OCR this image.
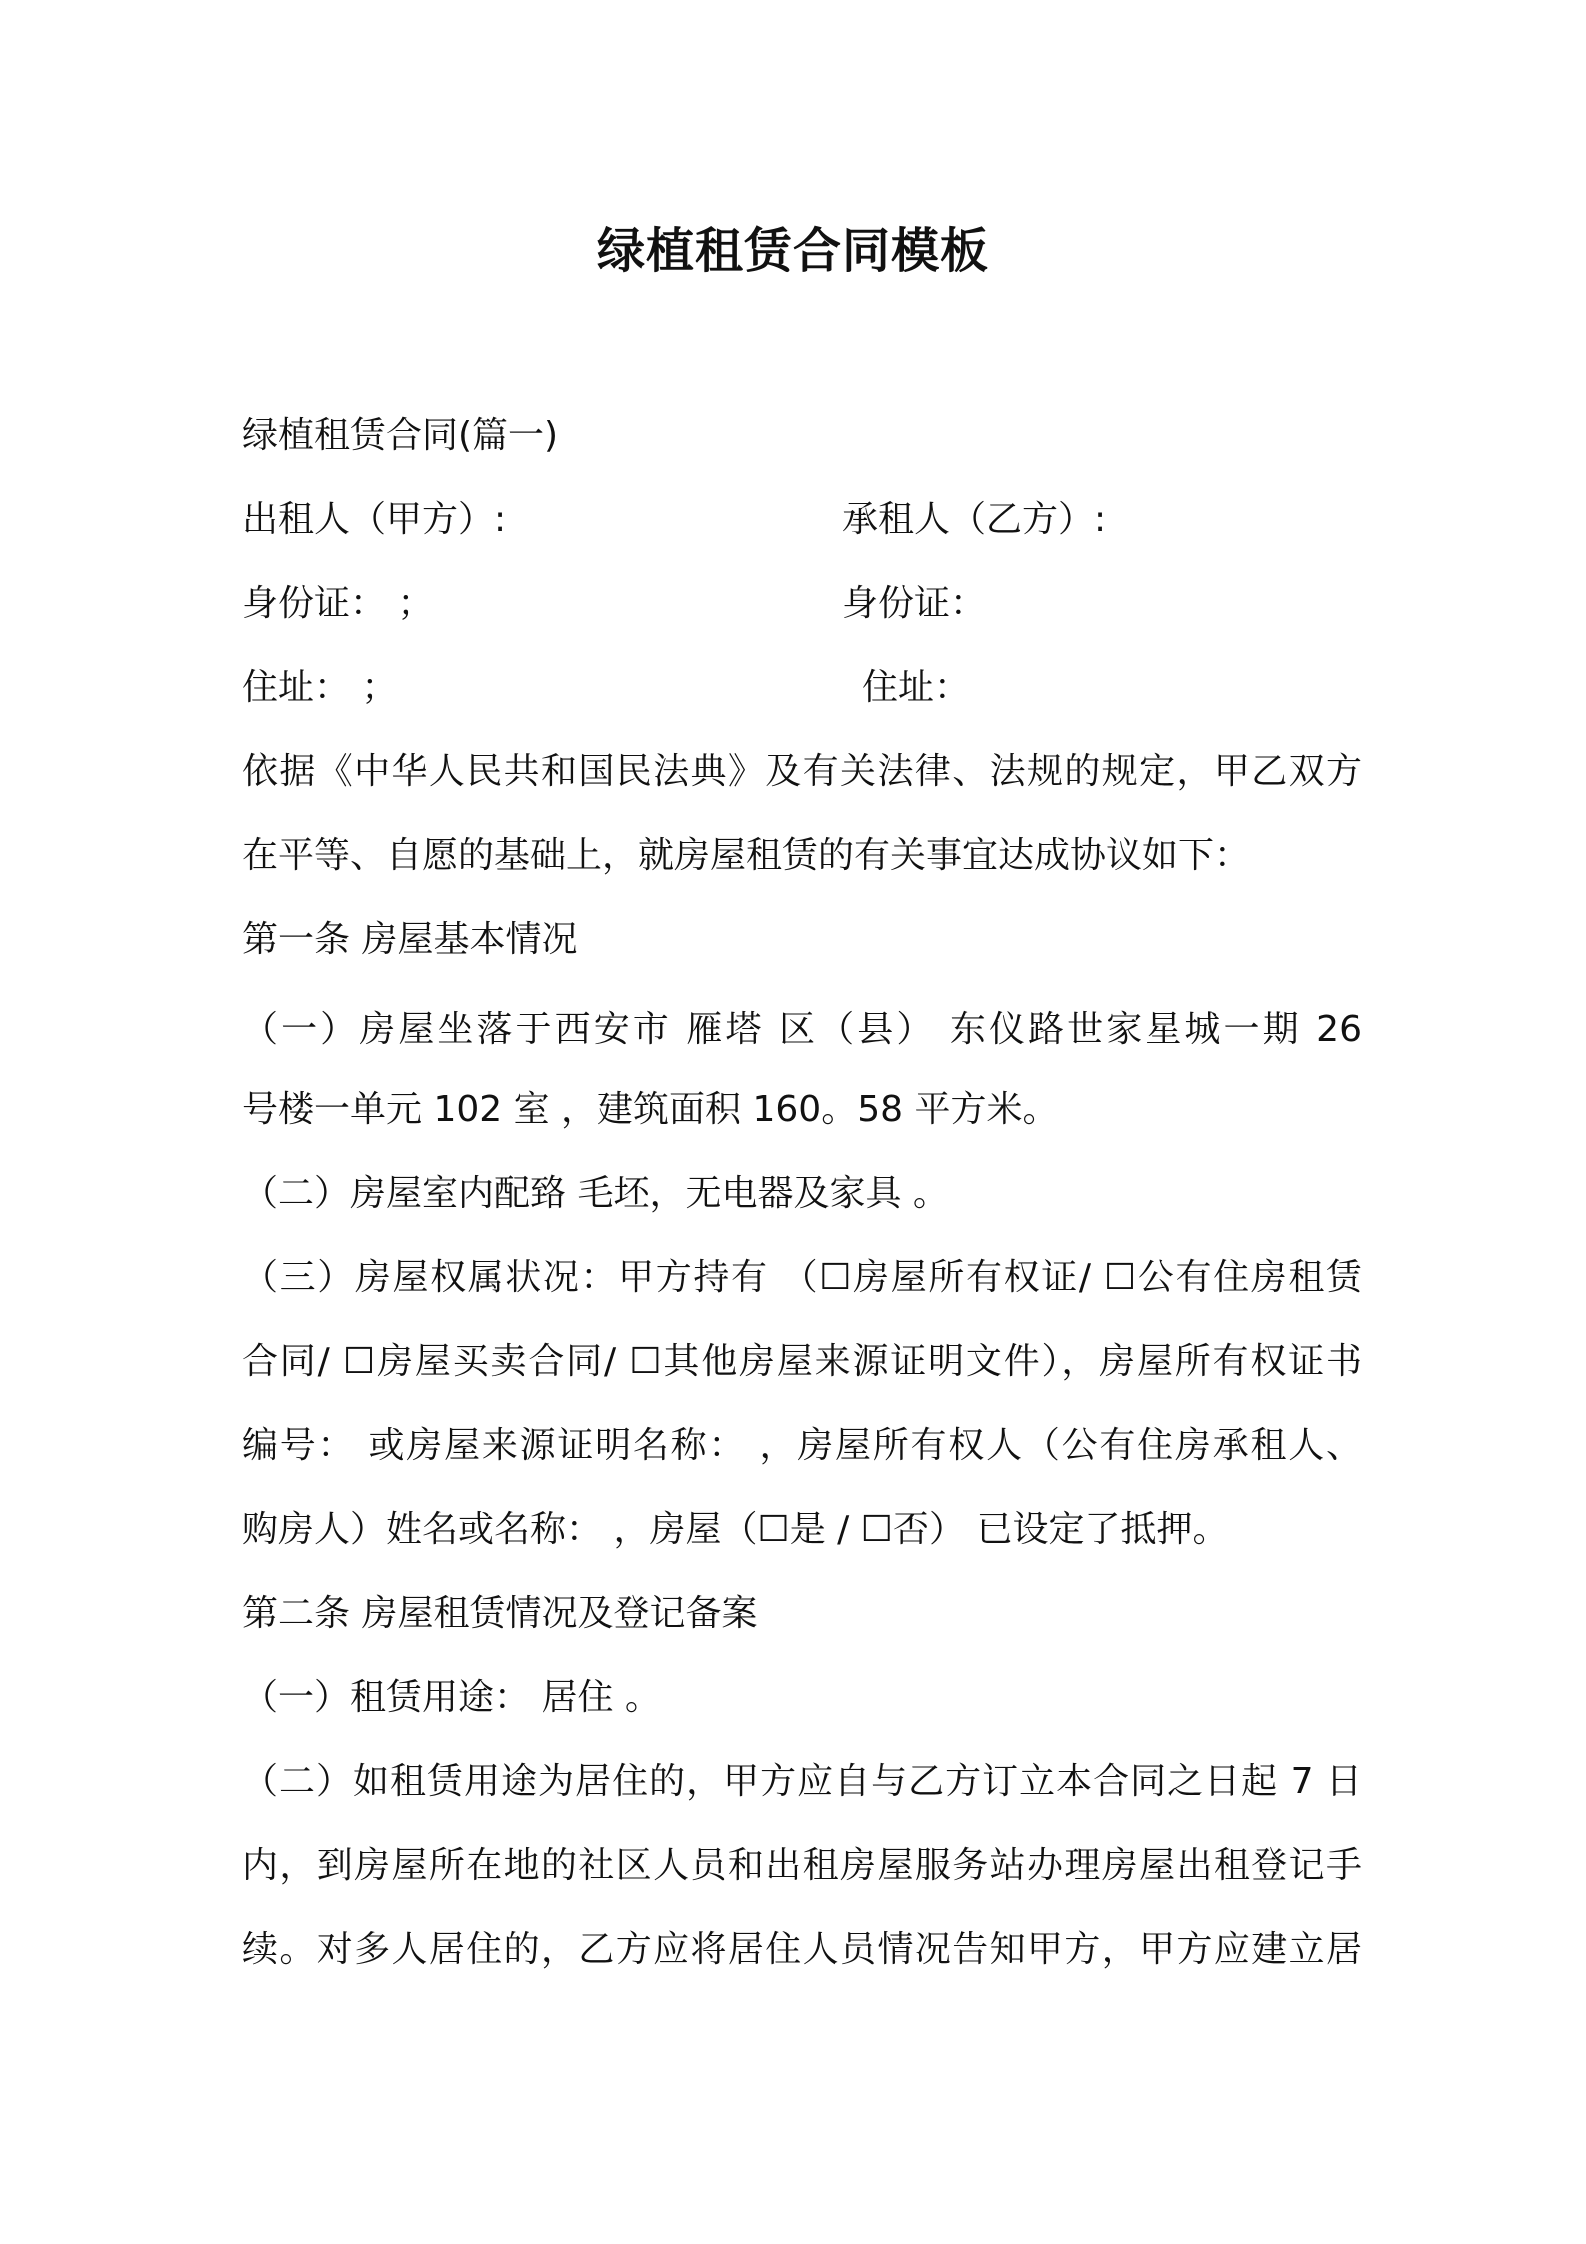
绿植租赁合同模板
绿植租赁合同(篇一)
出租人（甲方）:	承租人（乙方）:
身份证： ；	身份证：
住址： ；	住址：
依据《中华人民共和国民法典》及有关法律、法规的规定，甲乙双方
在平等、自愿的基础上，就房屋租赁的有关事宜达成协议如下：
第一条 房屋基本情况
（一）房屋坐落于西安市 雁塔 区（县） 东仪路世家星城一期 26
号楼一单元 102 室 ，建筑面积 160。58 平方米。
（二）房屋室内配臵 毛坯，无电器及家具 。
（三）房屋权属状况：甲方持有 （☐房屋所有权证/ ☐公有住房租赁
合同/ ☐房屋买卖合同/ ☐其他房屋来源证明文件），房屋所有权证书
编号： 或房屋来源证明名称： ，房屋所有权人（公有住房承租人、
购房人）姓名或名称： ，房屋（☐是 / ☐否） 已设定了抵押。
第二条 房屋租赁情况及登记备案
（一）租赁用途： 居住 。
（二）如租赁用途为居住的，甲方应自与乙方订立本合同之日起 7 日
内，到房屋所在地的社区人员和出租房屋服务站办理房屋出租登记手
续。对多人居住的，乙方应将居住人员情况告知甲方，甲方应建立居
